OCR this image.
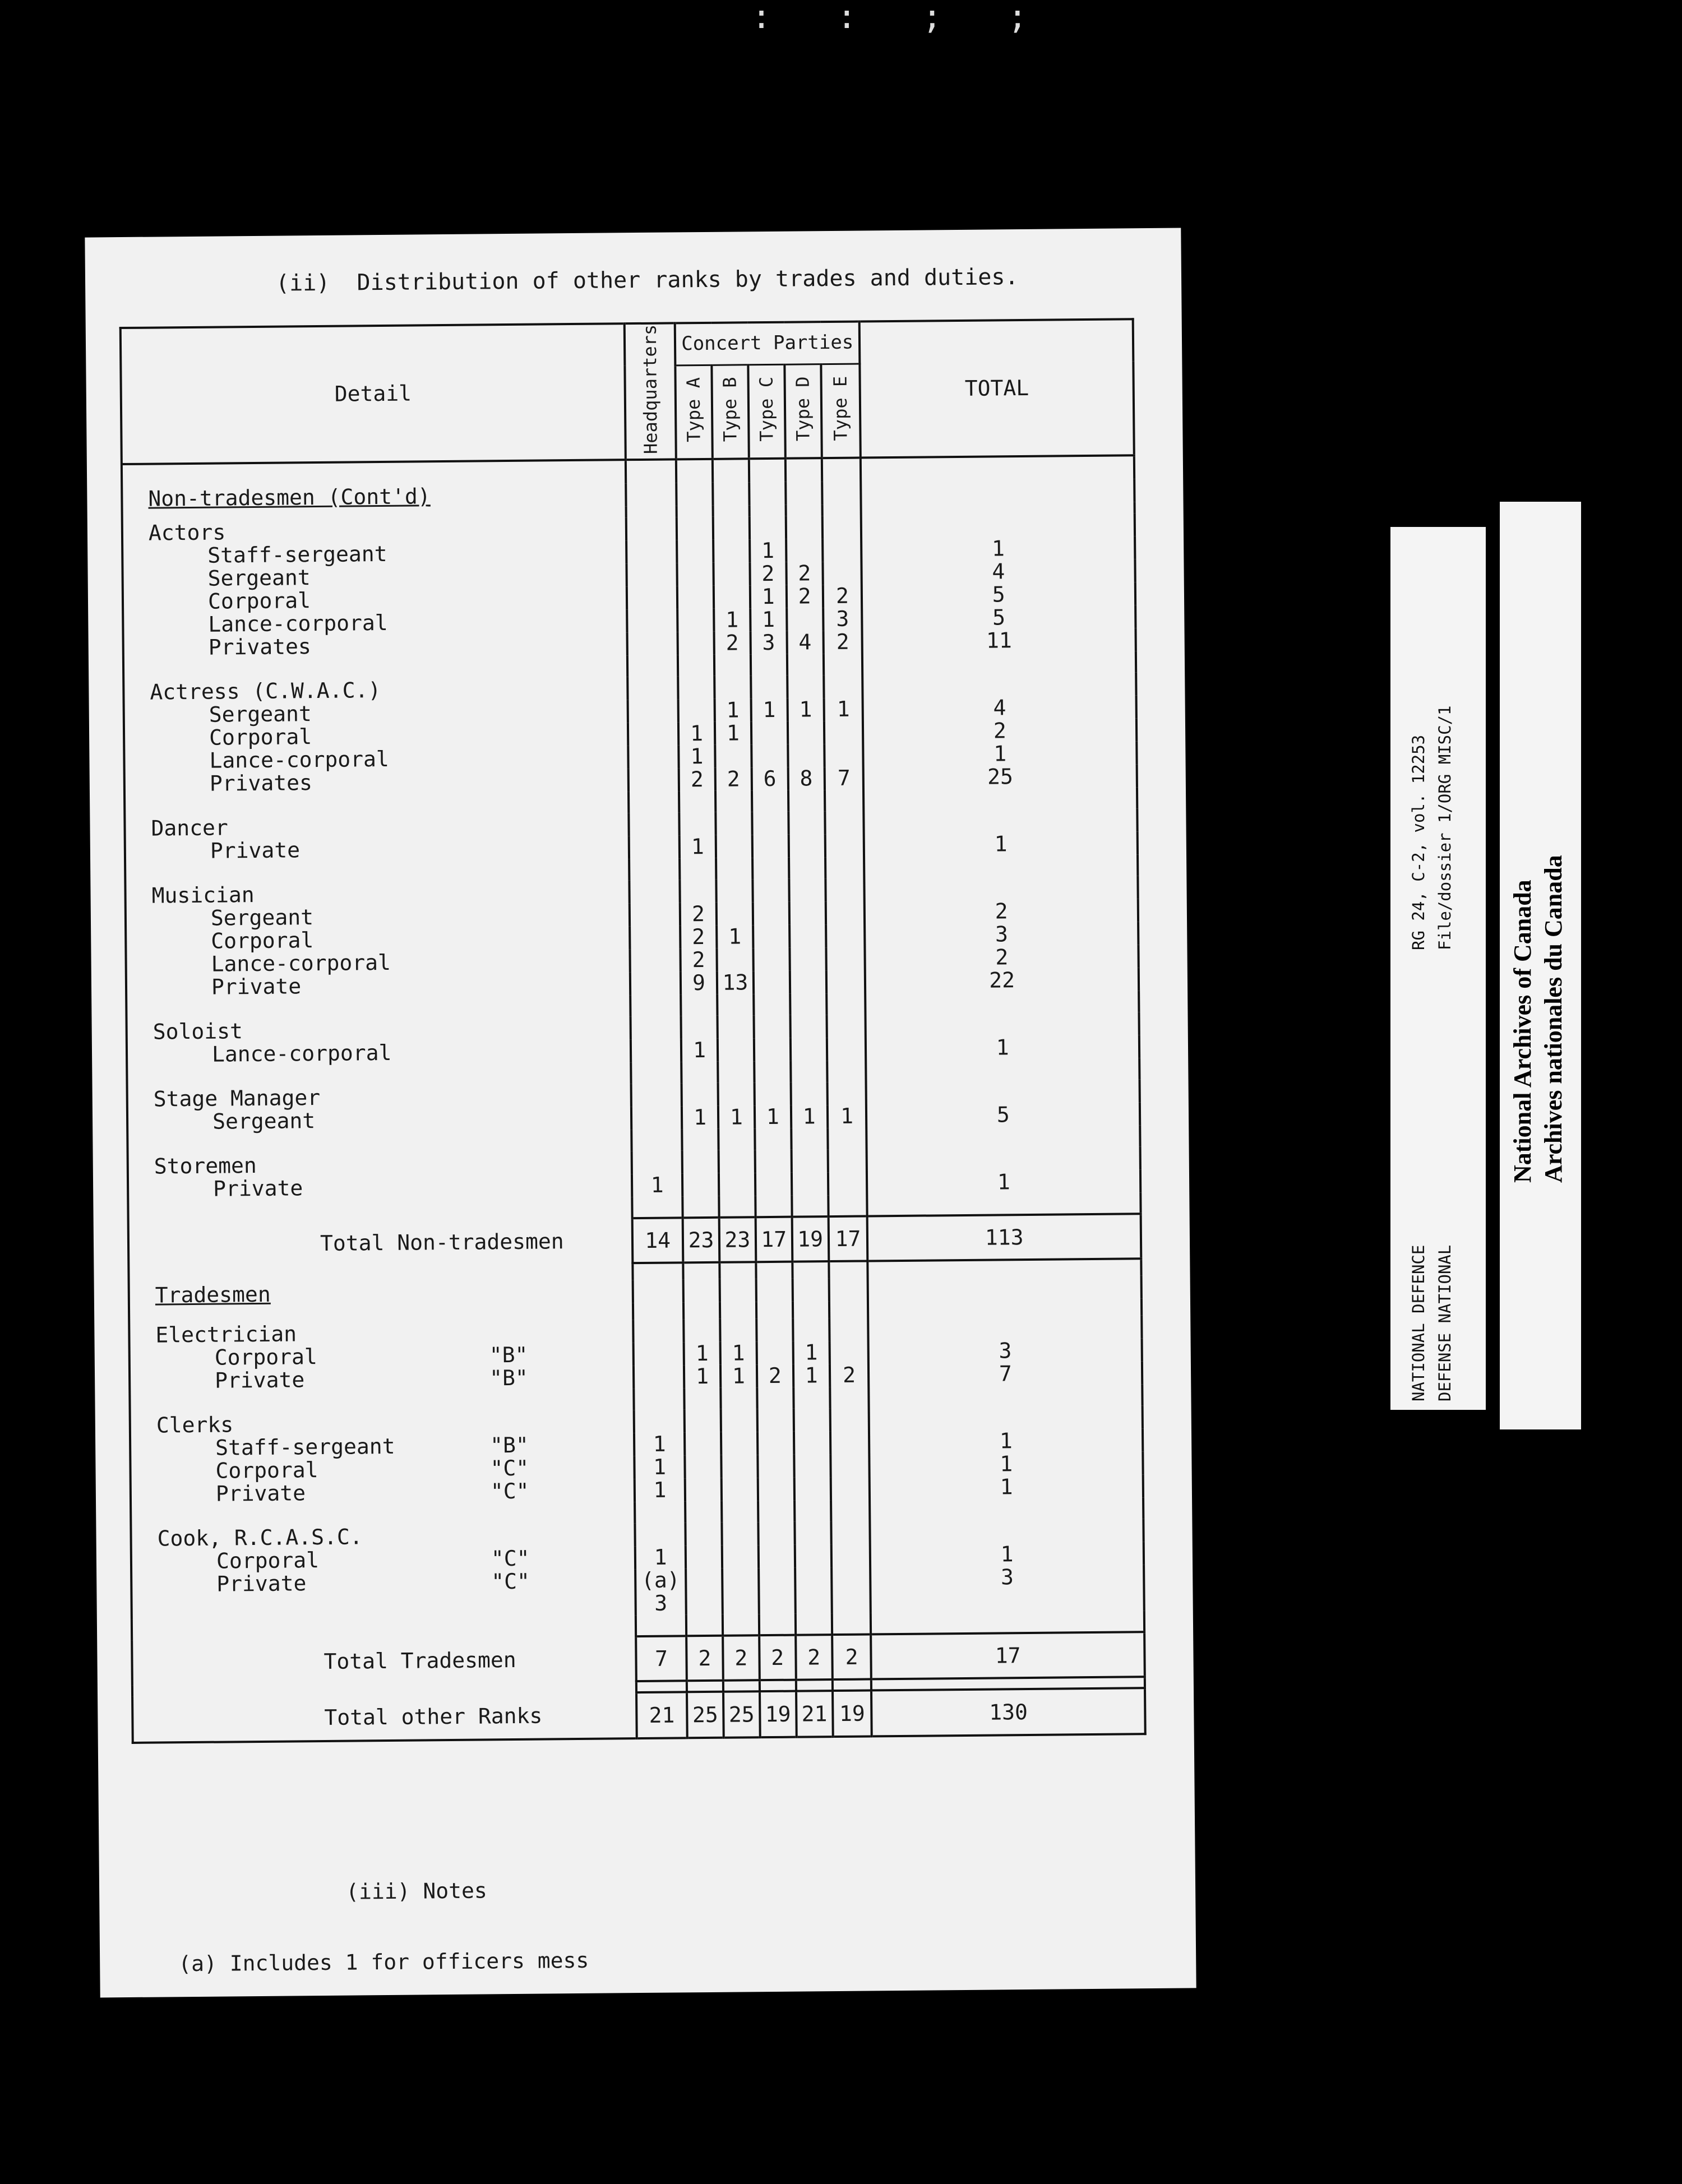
: : ; ;
(ii)  Distribution of other ranks by trades and duties.
Detail	Headquarters	Concert Parties					TOTAL
		Type A	Type B	Type C	Type D	Type E	

Non-tradesmen (Cont'd)							

Actors							
Staff-sergeant				1			1
Sergeant				2	2		4
Corporal				1	2	2	5
Lance-corporal			1	1		3	5
Privates			2	3	4	2	11

Actress (C.W.A.C.)							
Sergeant			1	1	1	1	4
Corporal		1	1				2
Lance-corporal		1					1
Privates		2	2	6	8	7	25

Dancer							
Private		1					1

Musician							
Sergeant		2					2
Corporal		2	1				3
Lance-corporal		2					2
Private		9	13				22

Soloist							
Lance-corporal		1					1

Stage Manager							
Sergeant		1	1	1	1	1	5

Storemen							
Private	1						1

Total Non-tradesmen	14	23	23	17	19	17	113

Tradesmen							

Electrician							
Corporal "B"		1	1		1		3
Private "B"		1	1	2	1	2	7

Clerks							
Staff-sergeant "B"	1						1
Corporal "C"	1						1
Private "C"	1						1

Cook, R.C.A.S.C.							
Corporal "C"	1						1
Private "C"	(a) 3						3

Total Tradesmen	7	2	2	2	2	2	17

Total other Ranks	21	25	25	19	21	19	130

(iii) Notes

(a) Includes 1 for officers mess

RG 24, C-2, vol. 12253 File/dossier 1/ORG MISC/1
NATIONAL DEFENCE DEFENSE NATIONAL
National Archives of Canada Archives nationales du Canada
